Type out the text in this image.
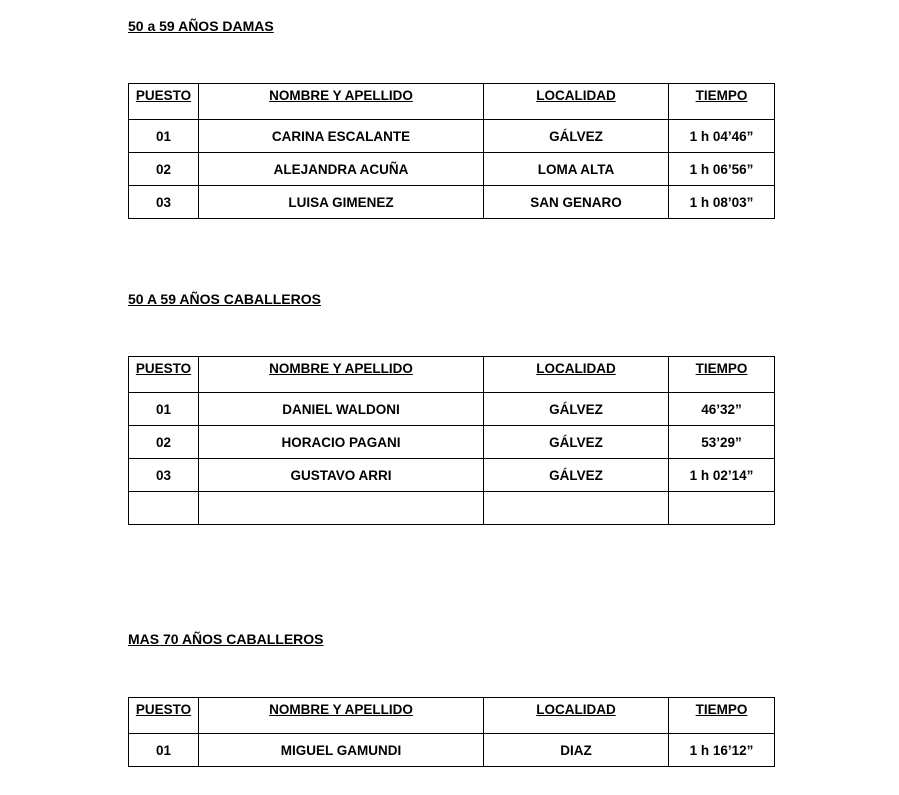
50 a 59 AÑOS DAMAS
PUESTO	NOMBRE Y APELLIDO	LOCALIDAD	TIEMPO
01	CARINA ESCALANTE	GÁLVEZ	1 h 04’46”
02	ALEJANDRA ACUÑA	LOMA ALTA	1 h 06’56”
03	LUISA GIMENEZ	SAN GENARO	1 h 08’03”
50 A 59 AÑOS CABALLEROS
PUESTO	NOMBRE Y APELLIDO	LOCALIDAD	TIEMPO
01	DANIEL WALDONI	GÁLVEZ	46’32”
02	HORACIO PAGANI	GÁLVEZ	53’29”
03	GUSTAVO ARRI	GÁLVEZ	1 h 02’14”

MAS 70 AÑOS CABALLEROS
PUESTO	NOMBRE Y APELLIDO	LOCALIDAD	TIEMPO
01	MIGUEL GAMUNDI	DIAZ	1 h 16’12”
